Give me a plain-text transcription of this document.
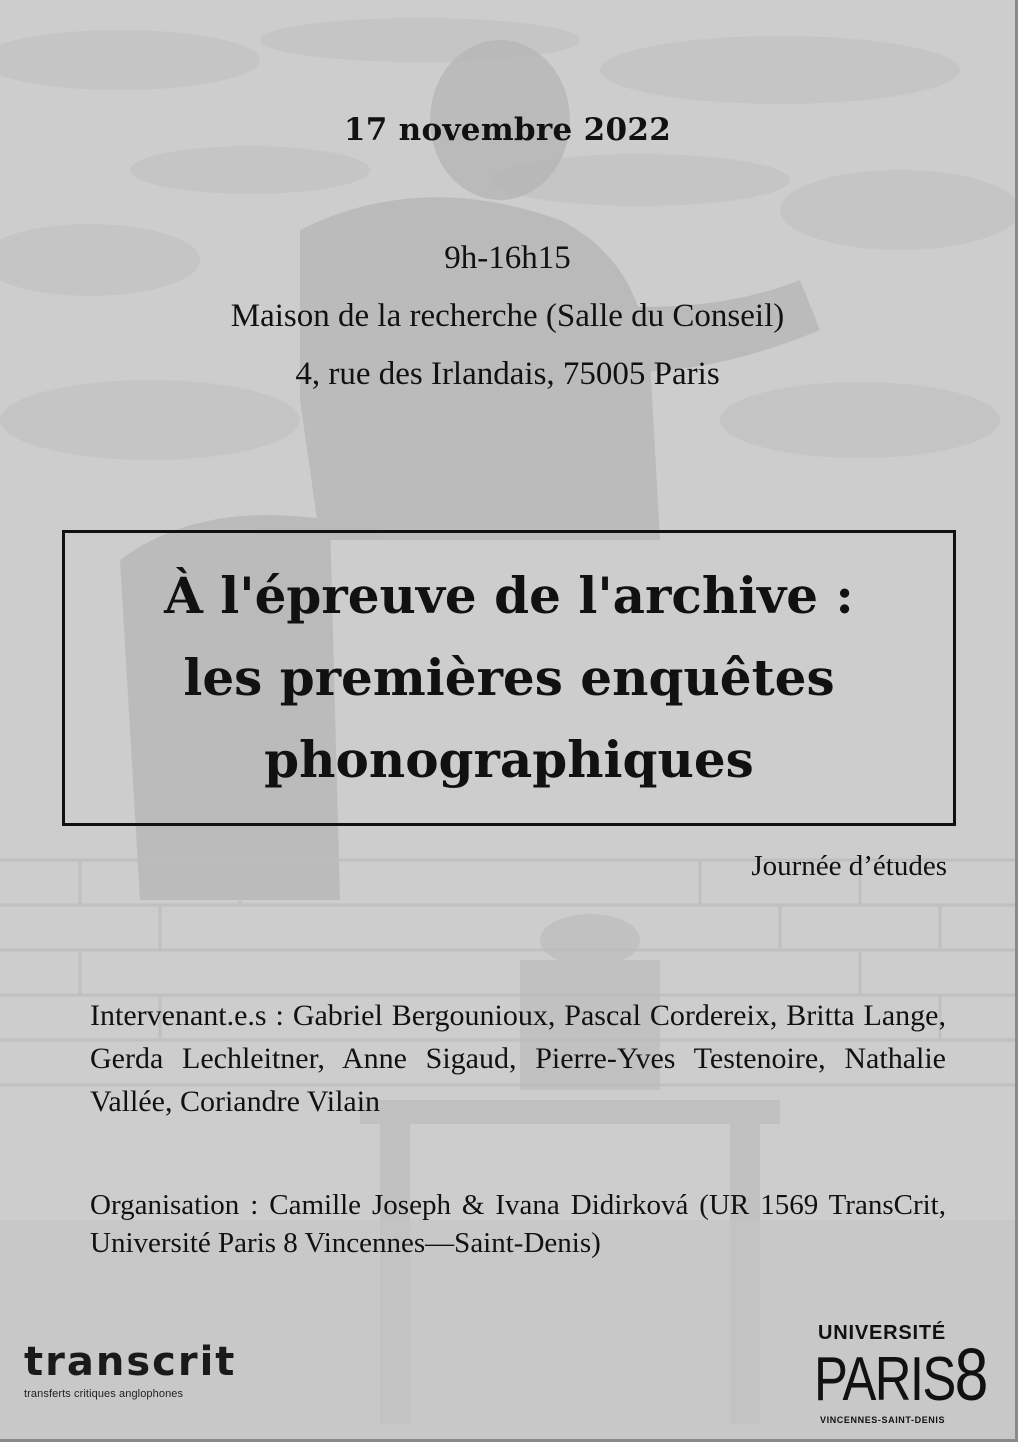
17 novembre 2022

9h-16h15

Maison de la recherche (Salle du Conseil)

4, rue des Irlandais, 75005 Paris

À l'épreuve de l'archive :
les premières enquêtes
phonographiques

Journée d’études

Intervenant.e.s : Gabriel Bergounioux, Pascal Cordereix, Britta Lange, Gerda Lechleitner, Anne Sigaud, Pierre-Yves Testenoire, Nathalie Vallée, Coriandre Vilain

Organisation : Camille Joseph & Ivana Didirková (UR 1569 TransCrit, Université Paris 8 Vincennes—Saint-Denis)

transcrit
transferts critiques anglophones
UNIVERSITÉ
PARIS8
VINCENNES-SAINT-DENIS
